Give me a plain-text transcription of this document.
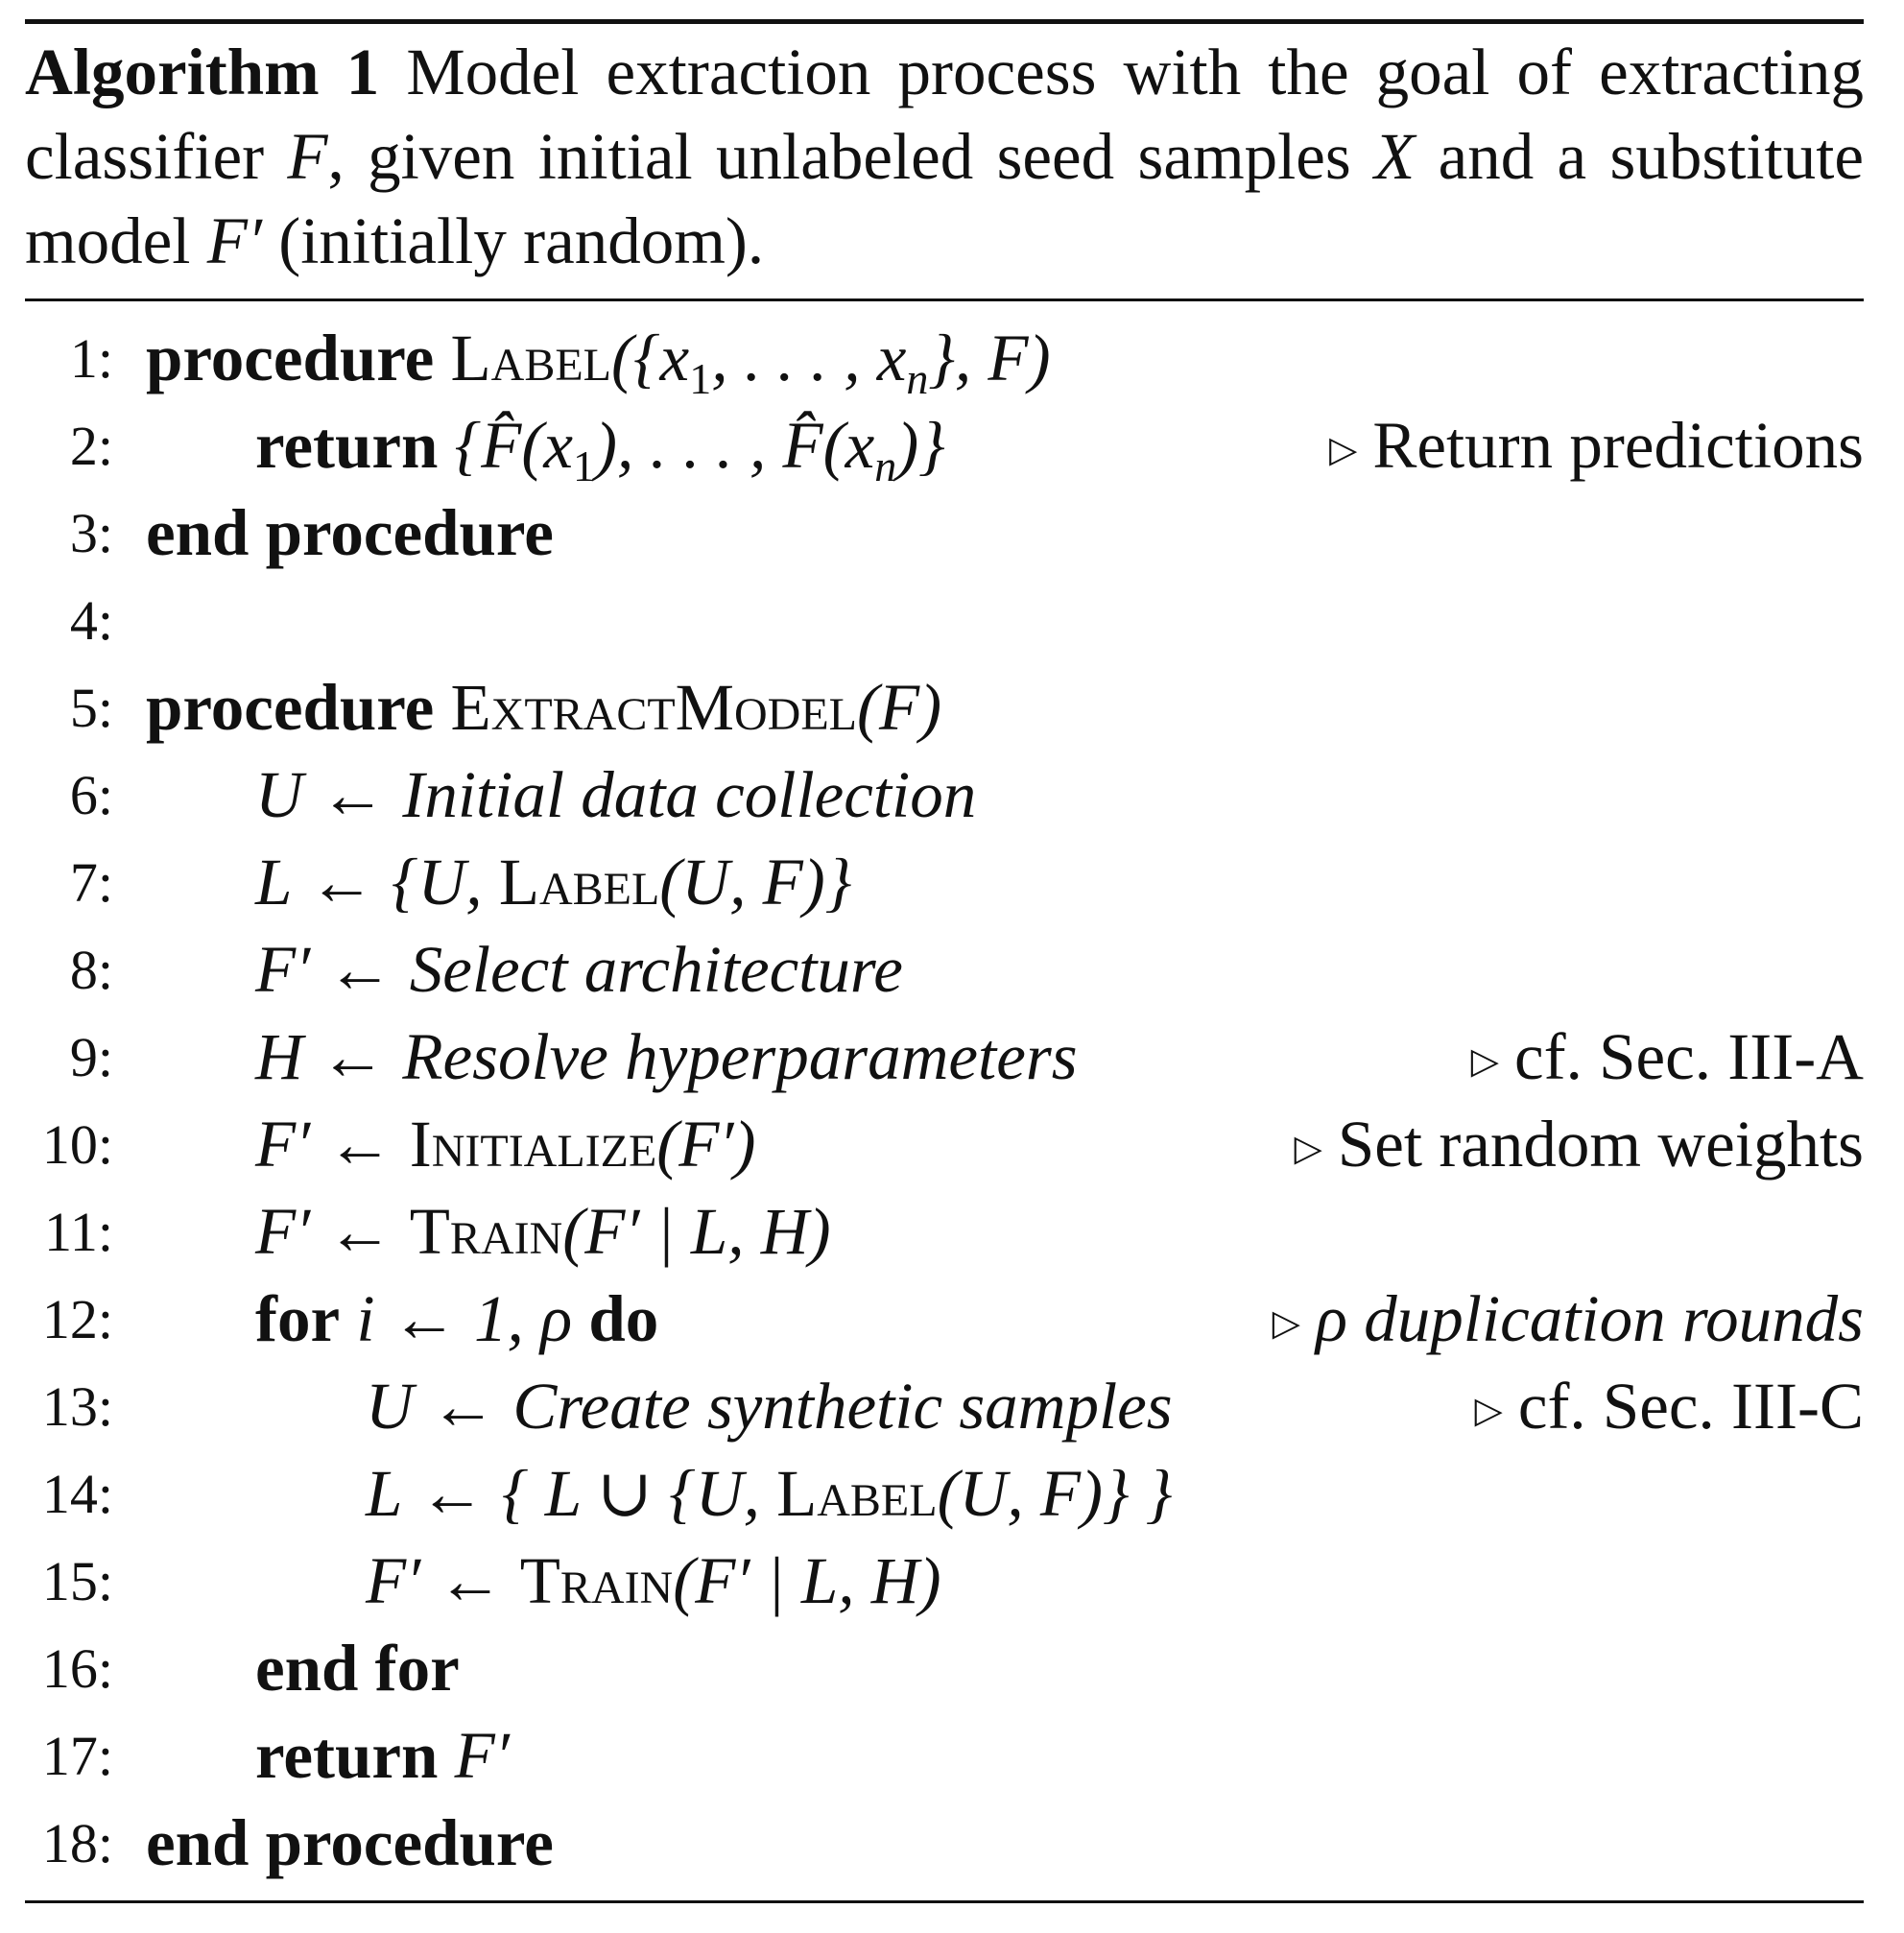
Algorithm 1 Model extraction process with the goal of extracting classifier F, given initial unlabeled seed samples X and a substitute model F′ (initially random).
1: procedure $Label(\{x_1$, . . . , $x_n$}, F)
2: return {$F̂(x_1)$, . . . , $F̂(x_n)$}	▷ Return predictions
3: end procedure
4:
5: procedure ExtractModel(F)
6: U ← Initial data collection
7: L ← {U, Label(U, F)}
8: F′ ← Select architecture
9: H ← Resolve hyperparameters	▷ cf. Sec. III-A
10: F′ ← Initialize(F′)	▷ Set random weights
11: F′ ← Train(F′ | L, H)
12: for i ← 1, ρ do	▷ ρ duplication rounds
13:	U ← Create synthetic samples	▷ cf. Sec. III-C
14:	L ← { L ∪ {U, Label(U, F)} }
15:	F′ ← Train(F′ | L, H)
16: end for
17: return F′
18: end procedure
